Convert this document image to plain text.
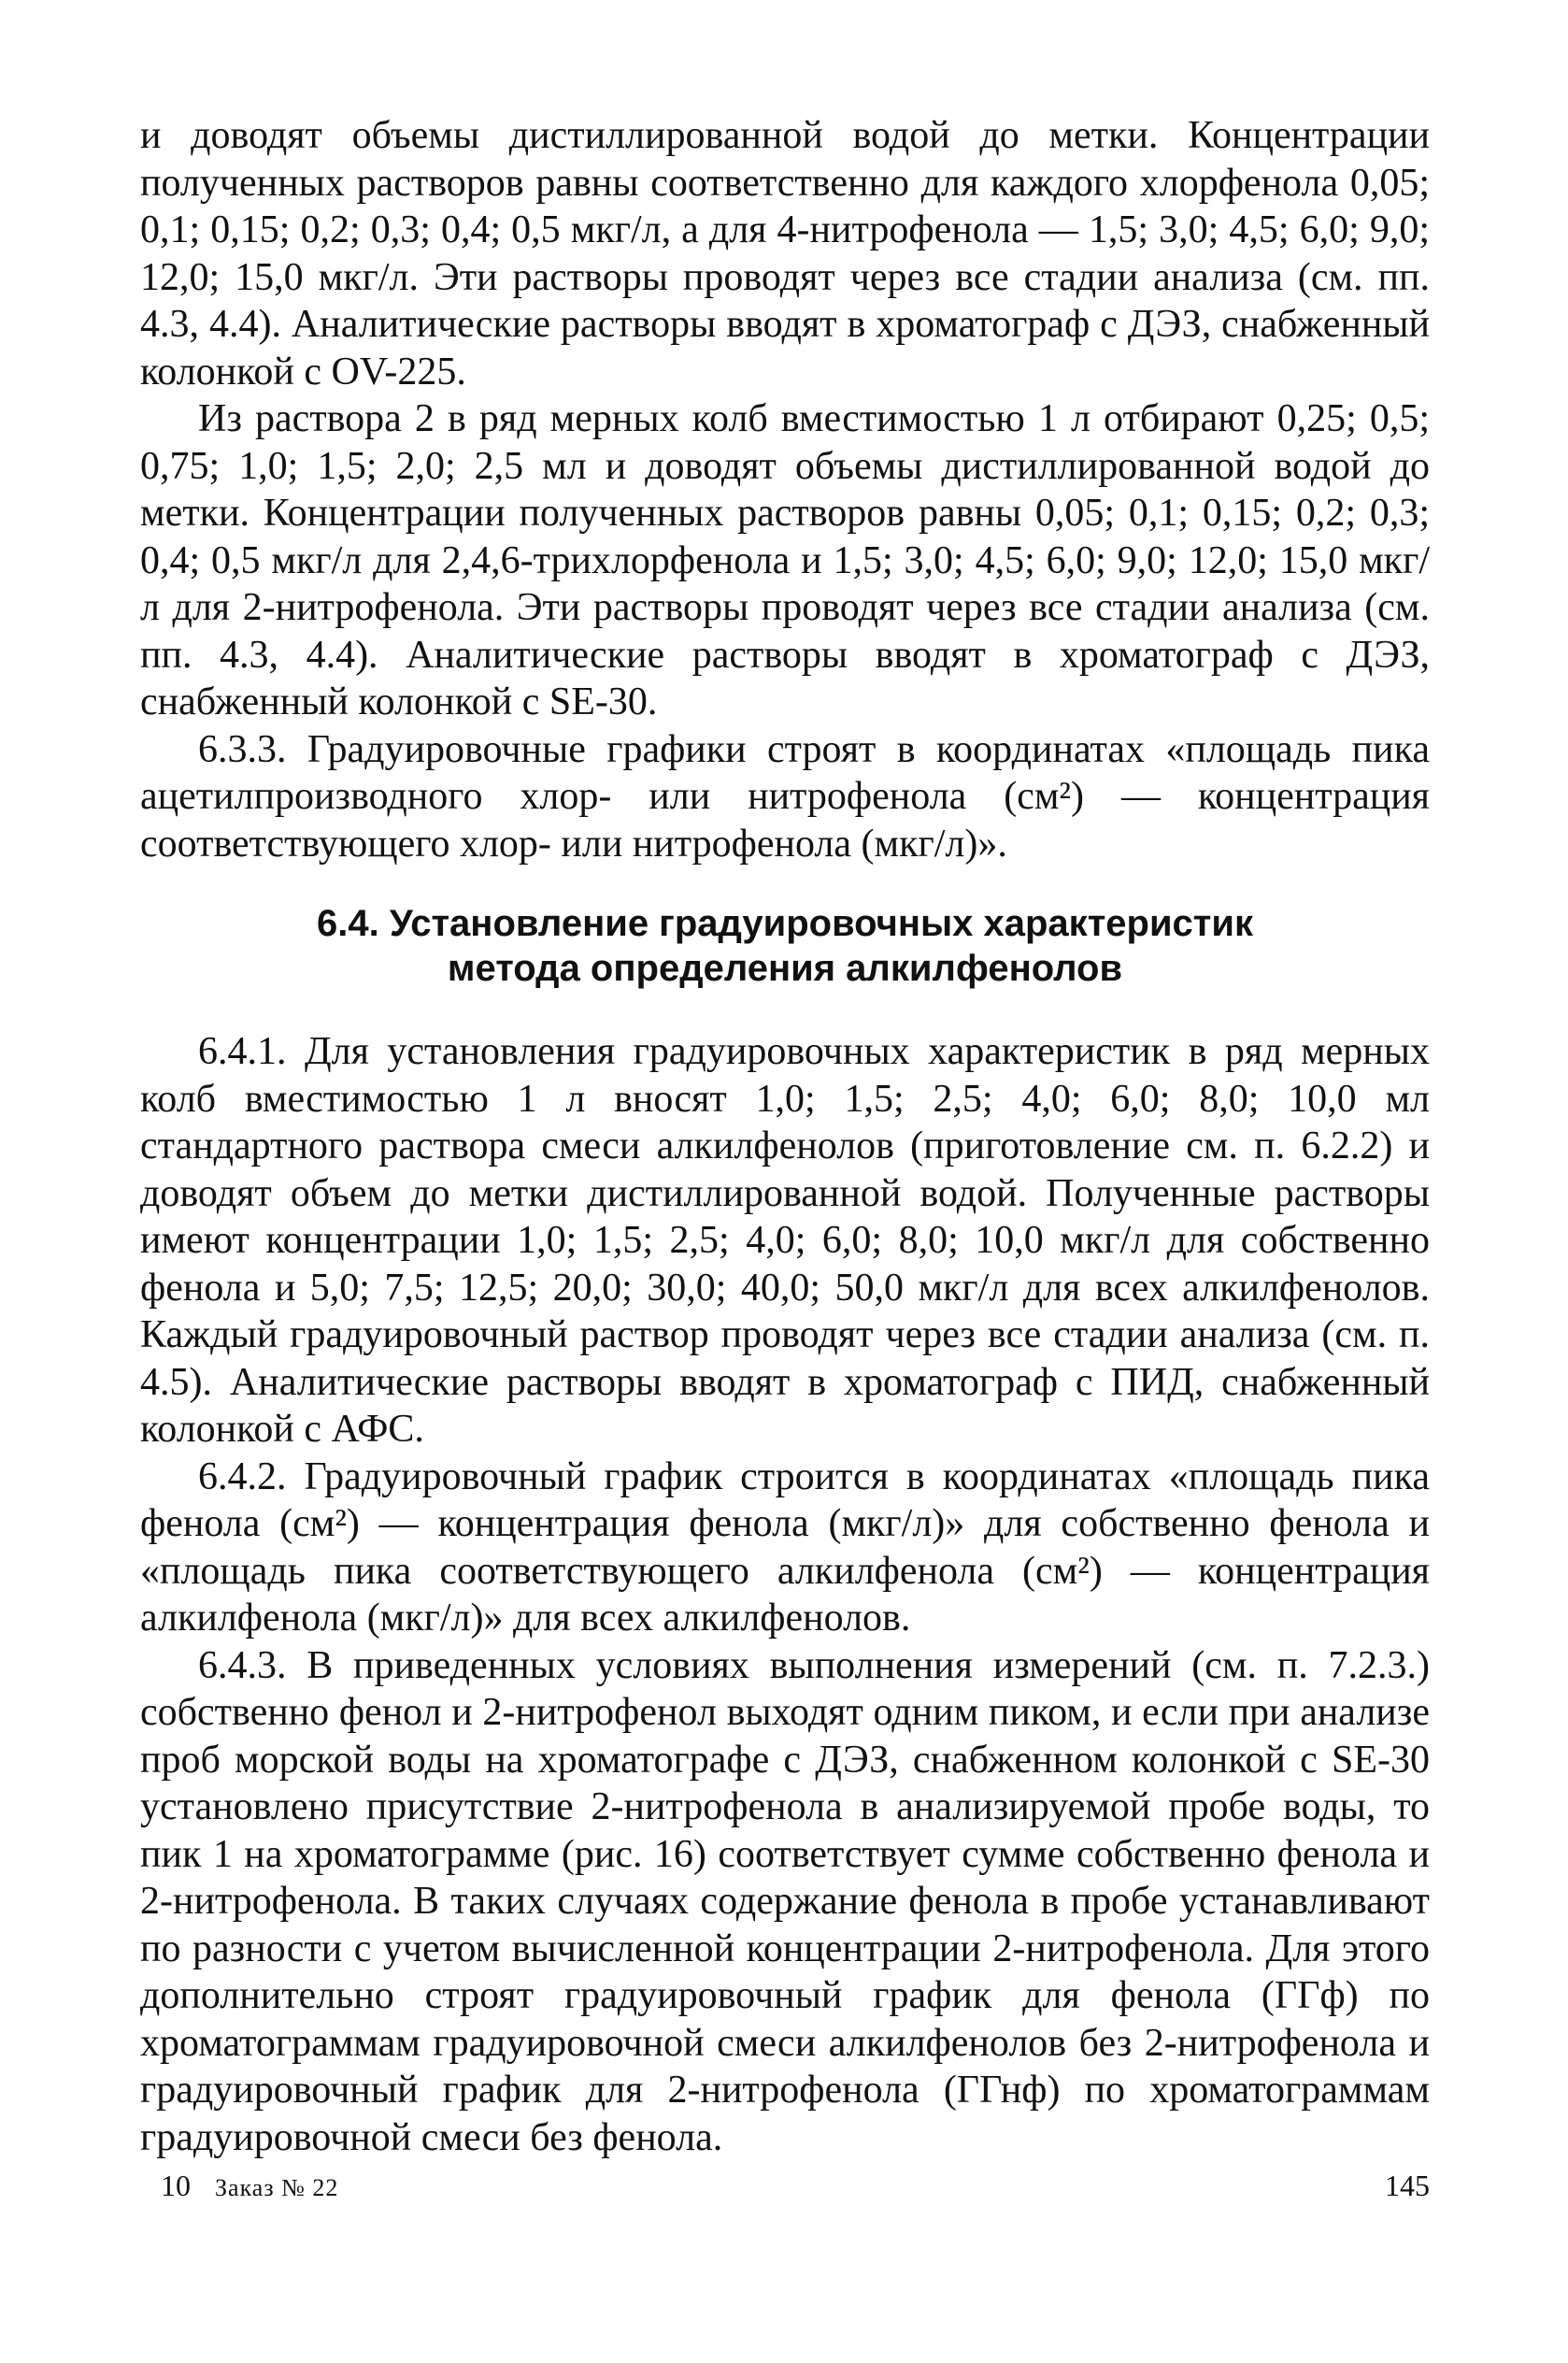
и доводят объемы дистиллированной водой до метки. Концентрации полученных растворов равны соответственно для каждого хлорфенола 0,05; 0,1; 0,15; 0,2; 0,3; 0,4; 0,5 мкг/л, а для 4-нитрофенола — 1,5; 3,0; 4,5; 6,0; 9,0; 12,0; 15,0 мкг/л. Эти растворы проводят через все стадии анализа (см. пп. 4.3, 4.4). Аналитические растворы вводят в хроматограф с ДЭЗ, снабженный колонкой с OV-225.

Из раствора 2 в ряд мерных колб вместимостью 1 л отбирают 0,25; 0,5; 0,75; 1,0; 1,5; 2,0; 2,5 мл и доводят объемы дистиллированной водой до метки. Концентрации полученных растворов равны 0,05; 0,1; 0,15; 0,2; 0,3; 0,4; 0,5 мкг/л для 2,4,6-трихлорфенола и 1,5; 3,0; 4,5; 6,0; 9,0; 12,0; 15,0 мкг/л для 2-нитрофенола. Эти растворы проводят через все стадии анализа (см. пп. 4.3, 4.4). Аналитические растворы вводят в хроматограф с ДЭЗ, снабженный колонкой с SE-30.

6.3.3. Градуировочные графики строят в координатах «площадь пика ацетилпроизводного хлор- или нитрофенола (см²) — концентрация соответствующего хлор- или нитрофенола (мкг/л)».

6.4. Установление градуировочных характеристик
метода определения алкилфенолов

6.4.1. Для установления градуировочных характеристик в ряд мерных колб вместимостью 1 л вносят 1,0; 1,5; 2,5; 4,0; 6,0; 8,0; 10,0 мл стандартного раствора смеси алкилфенолов (приготовление см. п. 6.2.2) и доводят объем до метки дистиллированной водой. Полученные растворы имеют концентрации 1,0; 1,5; 2,5; 4,0; 6,0; 8,0; 10,0 мкг/л для собственно фенола и 5,0; 7,5; 12,5; 20,0; 30,0; 40,0; 50,0 мкг/л для всех алкилфенолов. Каждый градуировочный раствор проводят через все стадии анализа (см. п. 4.5). Аналитические растворы вводят в хроматограф с ПИД, снабженный колонкой с АФС.

6.4.2. Градуировочный график строится в координатах «площадь пика фенола (см²) — концентрация фенола (мкг/л)» для собственно фенола и «площадь пика соответствующего алкилфенола (см²) — концентрация алкилфенола (мкг/л)» для всех алкилфенолов.

6.4.3. В приведенных условиях выполнения измерений (см. п. 7.2.3.) собственно фенол и 2-нитрофенол выходят одним пиком, и если при анализе проб морской воды на хроматографе с ДЭЗ, снабженном колонкой с SE-30 установлено присутствие 2-нитрофенола в анализируемой пробе воды, то пик 1 на хроматограмме (рис. 16) соответствует сумме собственно фенола и 2-нитрофенола. В таких случаях содержание фенола в пробе устанавливают по разности с учетом вычисленной концентрации 2-нитрофенола. Для этого дополнительно строят градуировочный график для фенола (ГГф) по хроматограммам градуировочной смеси алкилфенолов без 2-нитрофенола и градуировочный график для 2-нитрофенола (ГГнф) по хроматограммам градуировочной смеси без фенола.

10 Заказ № 22	145
